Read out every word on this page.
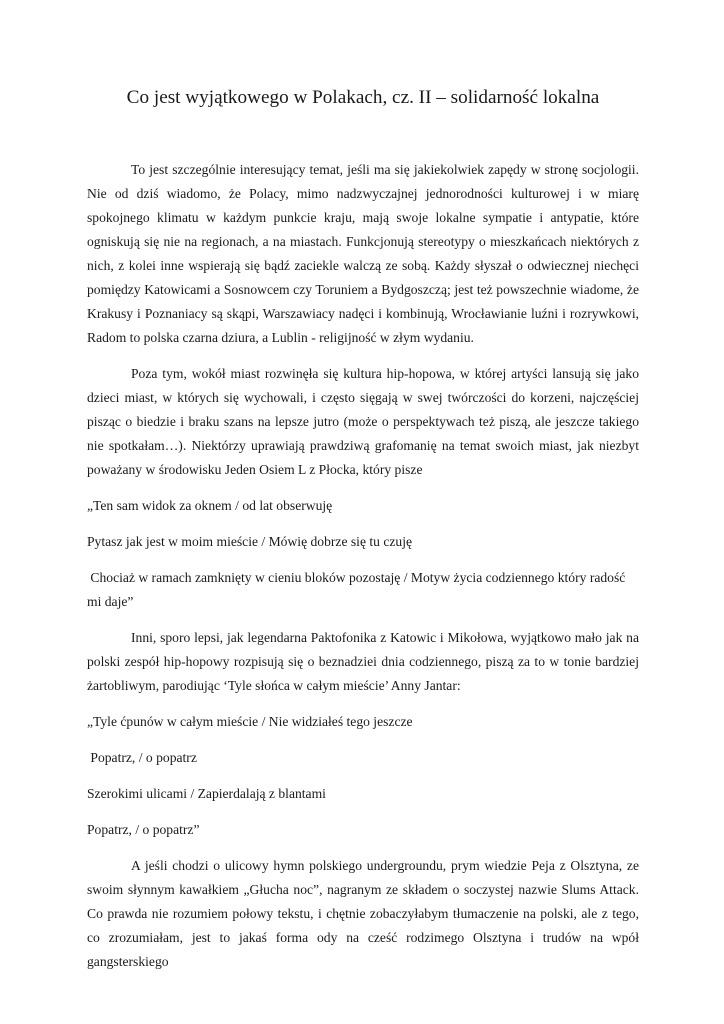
Co jest wyjątkowego w Polakach, cz. II – solidarność lokalna

To jest szczególnie interesujący temat, jeśli ma się jakiekolwiek zapędy w stronę socjologii. Nie od dziś wiadomo, że Polacy, mimo nadzwyczajnej jednorodności kulturowej i w miarę spokojnego klimatu w każdym punkcie kraju, mają swoje lokalne sympatie i antypatie, które ogniskują się nie na regionach, a na miastach. Funkcjonują stereotypy o mieszkańcach niektórych z nich, z kolei inne wspierają się bądź zaciekle walczą ze sobą. Każdy słyszał o odwiecznej niechęci pomiędzy Katowicami a Sosnowcem czy Toruniem a Bydgoszczą; jest też powszechnie wiadome, że Krakusy i Poznaniacy są skąpi, Warszawiacy nadęci i kombinują, Wrocławianie luźni i rozrywkowi, Radom to polska czarna dziura, a Lublin - religijność w złym wydaniu.

Poza tym, wokół miast rozwinęła się kultura hip-hopowa, w której artyści lansują się jako dzieci miast, w których się wychowali, i często sięgają w swej twórczości do korzeni, najczęściej pisząc o biedzie i braku szans na lepsze jutro (może o perspektywach też piszą, ale jeszcze takiego nie spotkałam…). Niektórzy uprawiają prawdziwą grafomanię na temat swoich miast, jak niezbyt poważany w środowisku Jeden Osiem L z Płocka, który pisze

„Ten sam widok za oknem / od lat obserwuję

Pytasz jak jest w moim mieście / Mówię dobrze się tu czuję

Chociaż w ramach zamknięty w cieniu bloków pozostaję / Motyw życia codziennego który radość mi daje”

Inni, sporo lepsi, jak legendarna Paktofonika z Katowic i Mikołowa, wyjątkowo mało jak na polski zespół hip-hopowy rozpisują się o beznadziei dnia codziennego, piszą za to w tonie bardziej żartobliwym, parodiując ‘Tyle słońca w całym mieście’ Anny Jantar:

„Tyle ćpunów w całym mieście / Nie widziałeś tego jeszcze

Popatrz, / o popatrz

Szerokimi ulicami / Zapierdalają z blantami

Popatrz, / o popatrz”

A jeśli chodzi o ulicowy hymn polskiego undergroundu, prym wiedzie Peja z Olsztyna, ze swoim słynnym kawałkiem „Głucha noc”, nagranym ze składem o soczystej nazwie Slums Attack. Co prawda nie rozumiem połowy tekstu, i chętnie zobaczyłabym tłumaczenie na polski, ale z tego, co zrozumiałam, jest to jakaś forma ody na cześć rodzimego Olsztyna i trudów na wpół gangsterskiego
